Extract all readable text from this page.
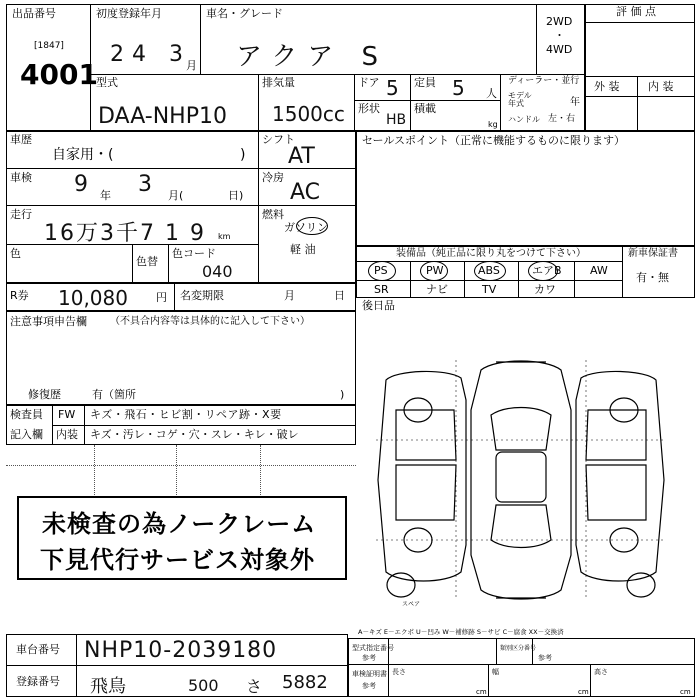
出品番号
[1847]
4001
初度登録年月
24 3
月
車名・グレード
アクア S
2WD
・
4WD
評 価 点
型式
DAA-NHP10
排気量
1500cc
ドア 5 定員 5 人
形状
HB
積載
kg
ディーラー・並行
モデル
年式	年
ハンドル 左・右
外 装	内 装
車歴
自家用・(	)
シフト
AT
車検 9 年 3 月(	日)
冷房
AC
走行
16万3千7 1 9 km
燃料
ガソリン
軽 油
色
色替
色コード
040
セールスポイント（正常に機能するものに限ります）
装備品（純正品に限り丸をつけて下さい）	新車保証書
有・無
PS	PW	ABS	エアB	AW
SR	ナビ	TV	カワ
R券 10,080	円 名変期限	月	日
後日品
注意事項申告欄 （不具合内容等は具体的に記入して下さい）
修復歴	有（箇所	)
検査員
記入欄
FW キズ・飛石・ヒビ割・リペア跡・X要
内装 キズ・汚レ・コゲ・穴・スレ・キレ・破レ
未検査の為ノークレーム
下見代行サービス対象外
スペア
A－キズ E－エクボ U－凹み W－補修跡 S－サビ C－腐食 XX－交換済
型式指定番号
参考
類別区分番号
参考
車検証明書
参考
長さ
cm
幅
cm
高さ
cm
車台番号 NHP10-2039180
登録番号 飛鳥	500 さ 5882
